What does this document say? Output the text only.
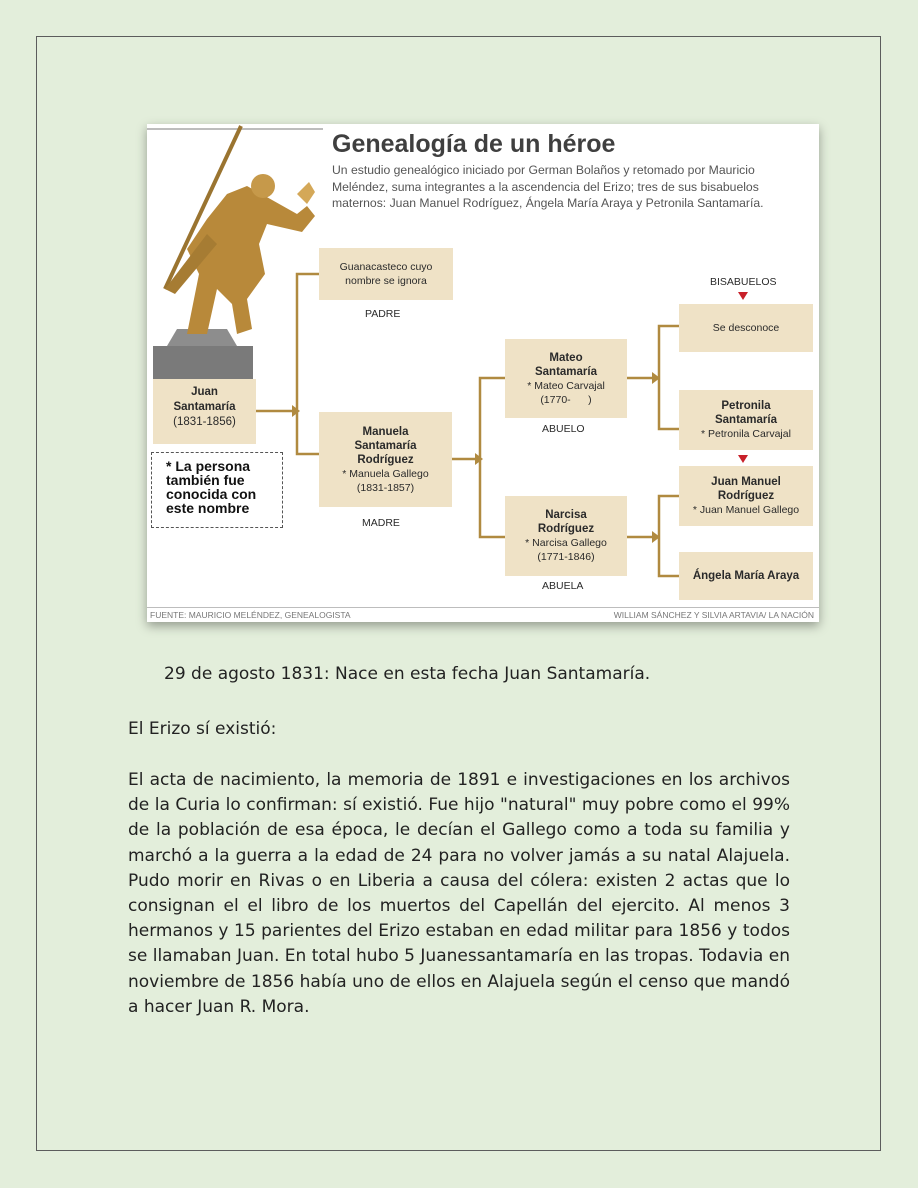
Genealogía de un héroe
Un estudio genealógico iniciado por German Bolaños y retomado por Mauricio Meléndez, suma integrantes a la ascendencia del Erizo; tres de sus bisabuelos maternos: Juan Manuel Rodríguez, Ángela María Araya y Petronila Santamaría.
Juan
Santamaría
(1831-1856)
* La persona
también fue
conocida con
este nombre
Guanacasteco cuyo
nombre se ignora
PADRE
Manuela
Santamaría
Rodríguez
* Manuela Gallego
(1831-1857)
MADRE
Mateo
Santamaría
* Mateo Carvajal
(1770-      )
ABUELO
Narcisa
Rodríguez
* Narcisa Gallego
(1771-1846)
ABUELA
BISABUELOS
Se desconoce
Petronila
Santamaría
* Petronila Carvajal
Juan Manuel
Rodríguez
* Juan Manuel Gallego
Ángela María Araya
FUENTE: MAURICIO MELÉNDEZ, GENEALOGISTA	WILLIAM SÁNCHEZ Y SILVIA ARTAVIA/ LA NACIÓN
29 de agosto 1831: Nace en esta fecha Juan Santamaría.
El Erizo sí existió:
El acta de nacimiento, la memoria de 1891 e investigaciones en los archivos de la Curia lo confirman: sí existió. Fue hijo "natural" muy pobre como el 99% de la población de esa época, le decían el Gallego como a toda su familia y marchó a la guerra a la edad de 24 para no volver jamás a su natal Alajuela. Pudo morir en Rivas o en Liberia a causa del cólera: existen 2 actas que lo consignan el el libro de los muertos del Capellán del ejercito. Al menos 3 hermanos y 15 parientes del Erizo estaban en edad militar para 1856 y todos se llamaban Juan. En total hubo 5 Juanessantamaría en las tropas. Todavia en noviembre de 1856 había uno de ellos en Alajuela según el censo que mandó a hacer Juan R. Mora.
